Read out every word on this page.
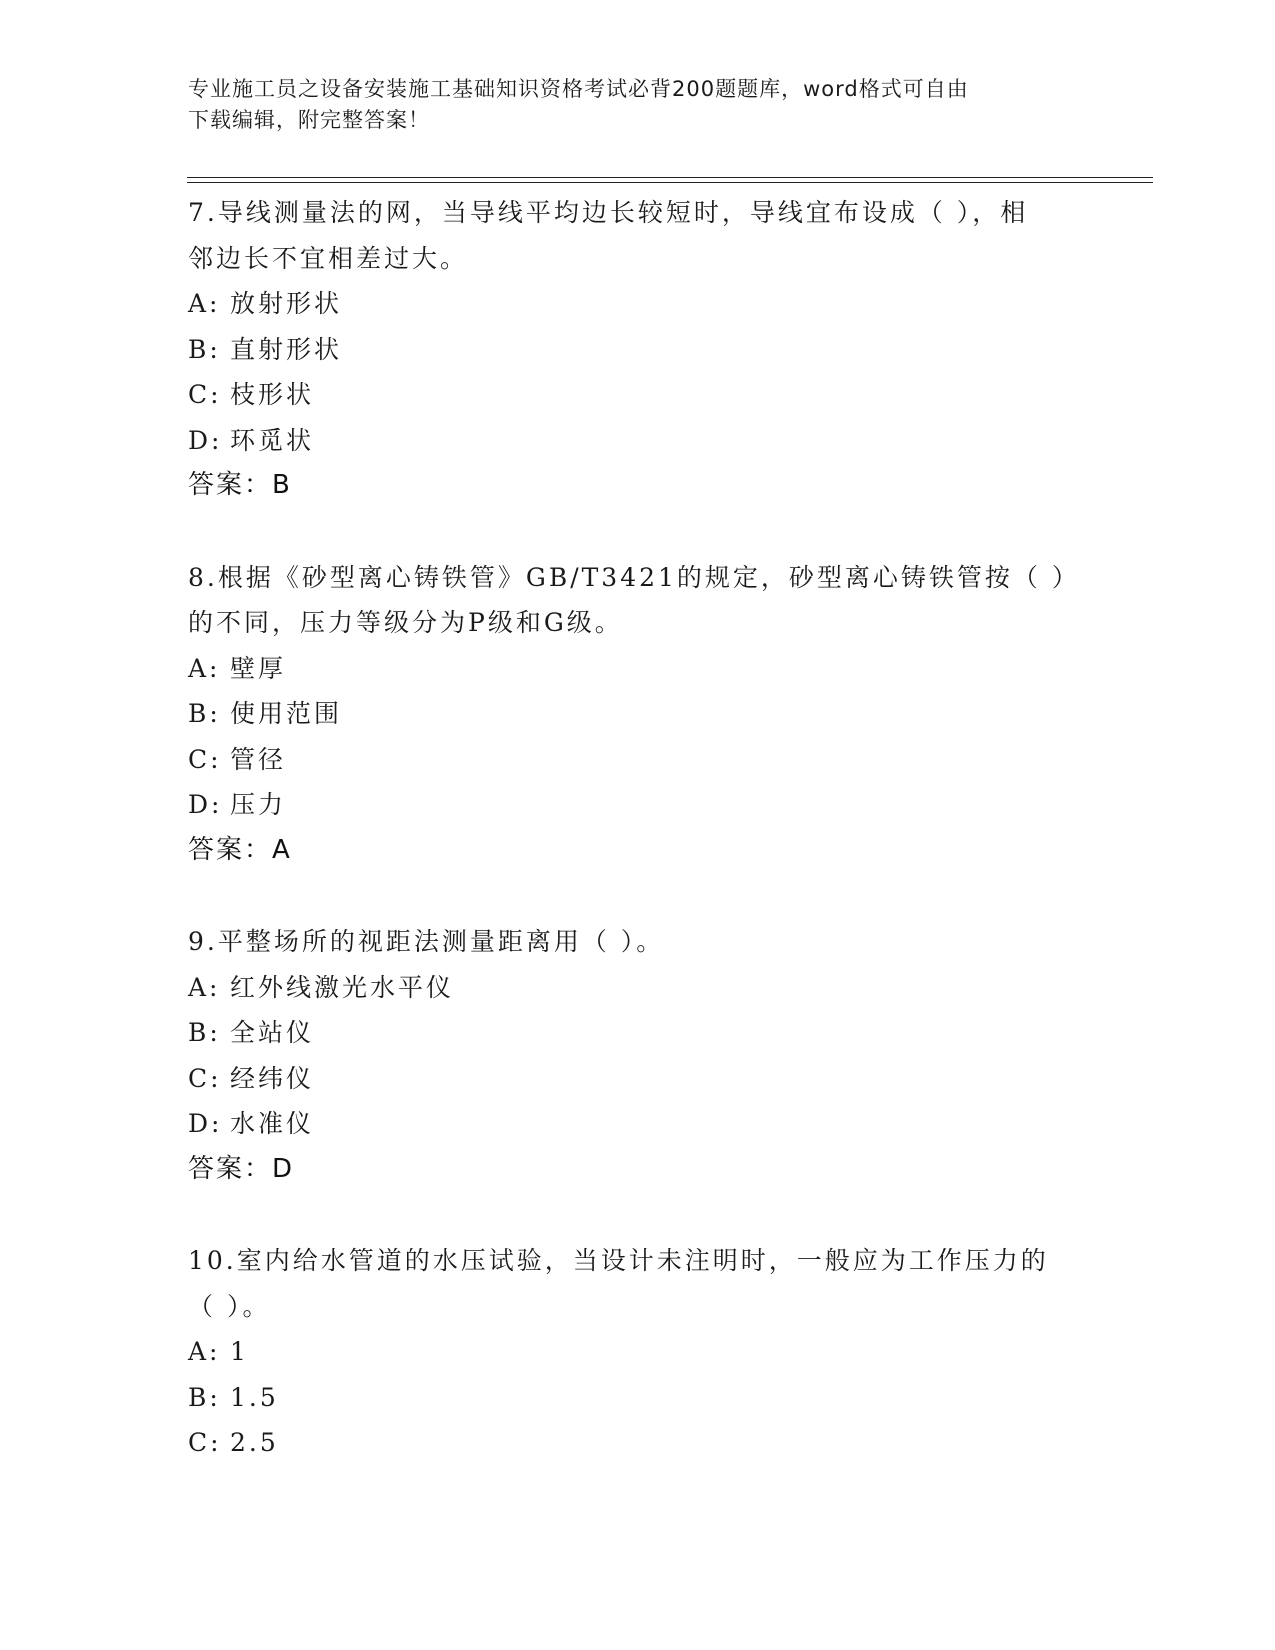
专业施工员之设备安装施工基础知识资格考试必背200题题库，word格式可自由
下载编辑，附完整答案！
7.导线测量法的网，当导线平均边长较短时，导线宜布设成（ ），相
邻边长不宜相差过大。
A: 放射形状
B: 直射形状
C: 枝形状
D: 环觅状
答案：B
8.根据《砂型离心铸铁管》GB/T3421的规定，砂型离心铸铁管按（ ）
的不同，压力等级分为P级和G级。
A: 壁厚
B: 使用范围
C: 管径
D: 压力
答案：A
9.平整场所的视距法测量距离用（ ）。
A: 红外线激光水平仪
B: 全站仪
C: 经纬仪
D: 水准仪
答案：D
10.室内给水管道的水压试验，当设计未注明时，一般应为工作压力的
（ ）。
A: 1
B: 1.5
C: 2.5
